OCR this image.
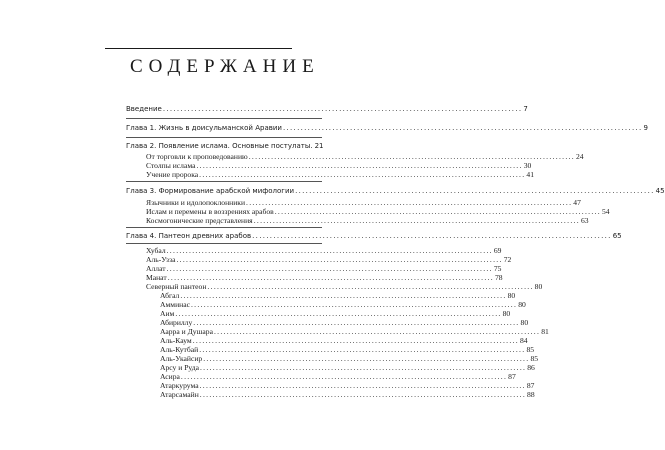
СОДЕРЖАНИЕ
Введение ...................................................................................................... 7
Глава 1. Жизнь в доисульманской Аравии ...................................................................................................... 9
Глава 2. Появление ислама. Основные постулаты. 21
От торговли к проповедованию ...................................................................................................... 24
Столпы ислама ...................................................................................................... 30
Учение пророка ...................................................................................................... 41
Глава 3. Формирование арабской мифологии ...................................................................................................... 45
Язычники и идолопоклонники ...................................................................................................... 47
Ислам и перемены в воззрениях арабов ...................................................................................................... 54
Космогонические представления ...................................................................................................... 63
Глава 4. Пантеон древних арабов ...................................................................................................... 65
Хубал ...................................................................................................... 69
Аль-Узза ...................................................................................................... 72
Аллат ...................................................................................................... 75
Манат ...................................................................................................... 78
Северный пантеон ...................................................................................................... 80
Абгал ...................................................................................................... 80
Амминас ...................................................................................................... 80
Аим ...................................................................................................... 80
Абириллу ...................................................................................................... 80
Аарра и Душара ...................................................................................................... 81
Аль-Каум ...................................................................................................... 84
Аль-Кутбай ...................................................................................................... 85
Аль-Укайсир ...................................................................................................... 85
Арсу и Руда ...................................................................................................... 86
Асира ...................................................................................................... 87
Атаркурума ...................................................................................................... 87
Атарсамайн ...................................................................................................... 88
